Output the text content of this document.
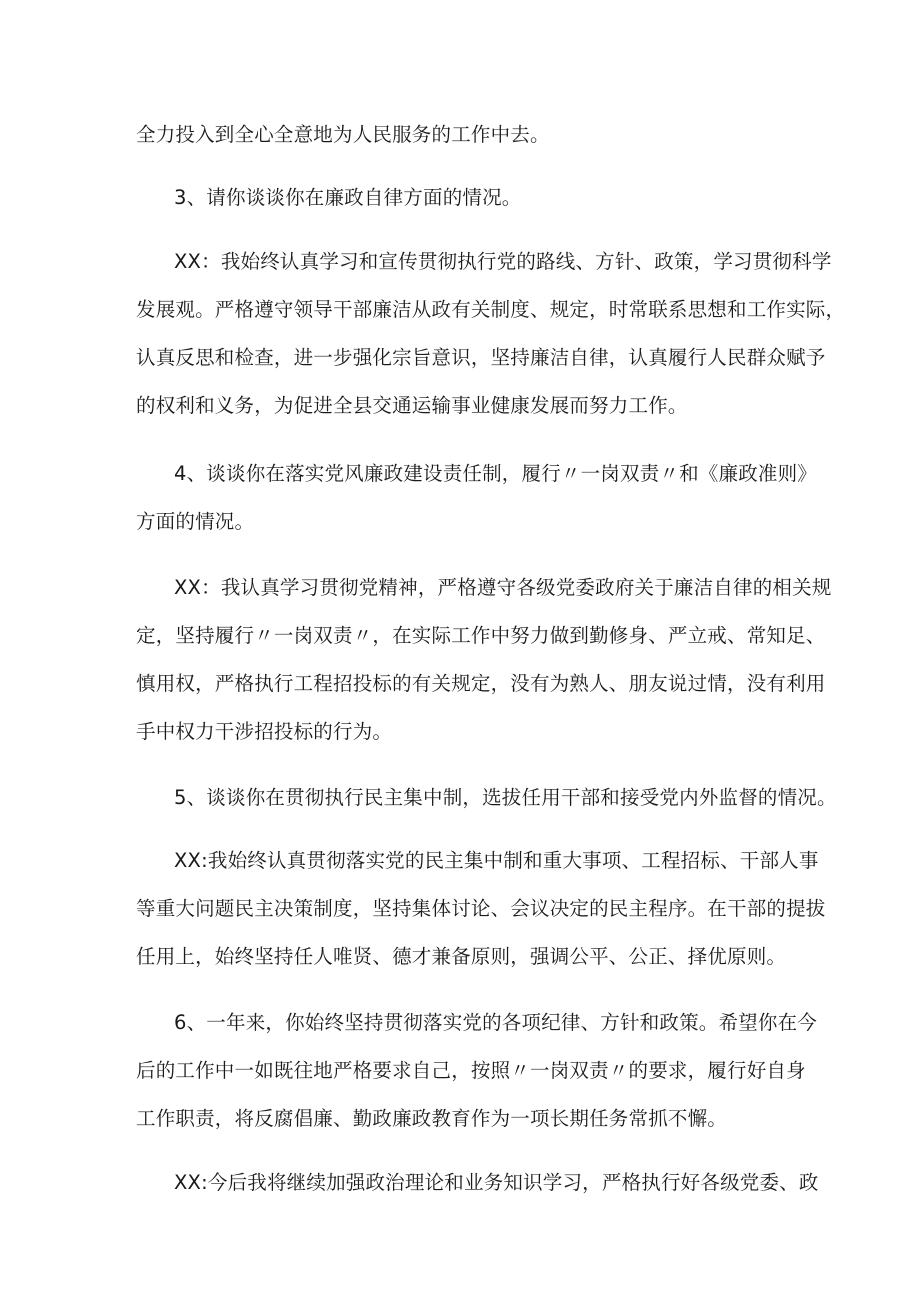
全力投入到全心全意地为人民服务的工作中去。
3、请你谈谈你在廉政自律方面的情况。
XX：我始终认真学习和宣传贯彻执行党的路线、方针、政策，学习贯彻科学
发展观。严格遵守领导干部廉洁从政有关制度、规定，时常联系思想和工作实际，
认真反思和检查，进一步强化宗旨意识，坚持廉洁自律，认真履行人民群众赋予
的权利和义务，为促进全县交通运输事业健康发展而努力工作。
4、谈谈你在落实党风廉政建设责任制，履行〃一岗双责〃和《廉政准则》
方面的情况。
XX：我认真学习贯彻党精神，严格遵守各级党委政府关于廉洁自律的相关规
定，坚持履行〃一岗双责〃，在实际工作中努力做到勤修身、严立戒、常知足、
慎用权，严格执行工程招投标的有关规定，没有为熟人、朋友说过情，没有利用
手中权力干涉招投标的行为。
5、谈谈你在贯彻执行民主集中制，选拔任用干部和接受党内外监督的情况。
XX:我始终认真贯彻落实党的民主集中制和重大事项、工程招标、干部人事
等重大问题民主决策制度，坚持集体讨论、会议决定的民主程序。在干部的提拔
任用上，始终坚持任人唯贤、德才兼备原则，强调公平、公正、择优原则。
6、一年来，你始终坚持贯彻落实党的各项纪律、方针和政策。希望你在今
后的工作中一如既往地严格要求自己，按照〃一岗双责〃的要求，履行好自身
工作职责，将反腐倡廉、勤政廉政教育作为一项长期任务常抓不懈。
XX:今后我将继续加强政治理论和业务知识学习，严格执行好各级党委、政
